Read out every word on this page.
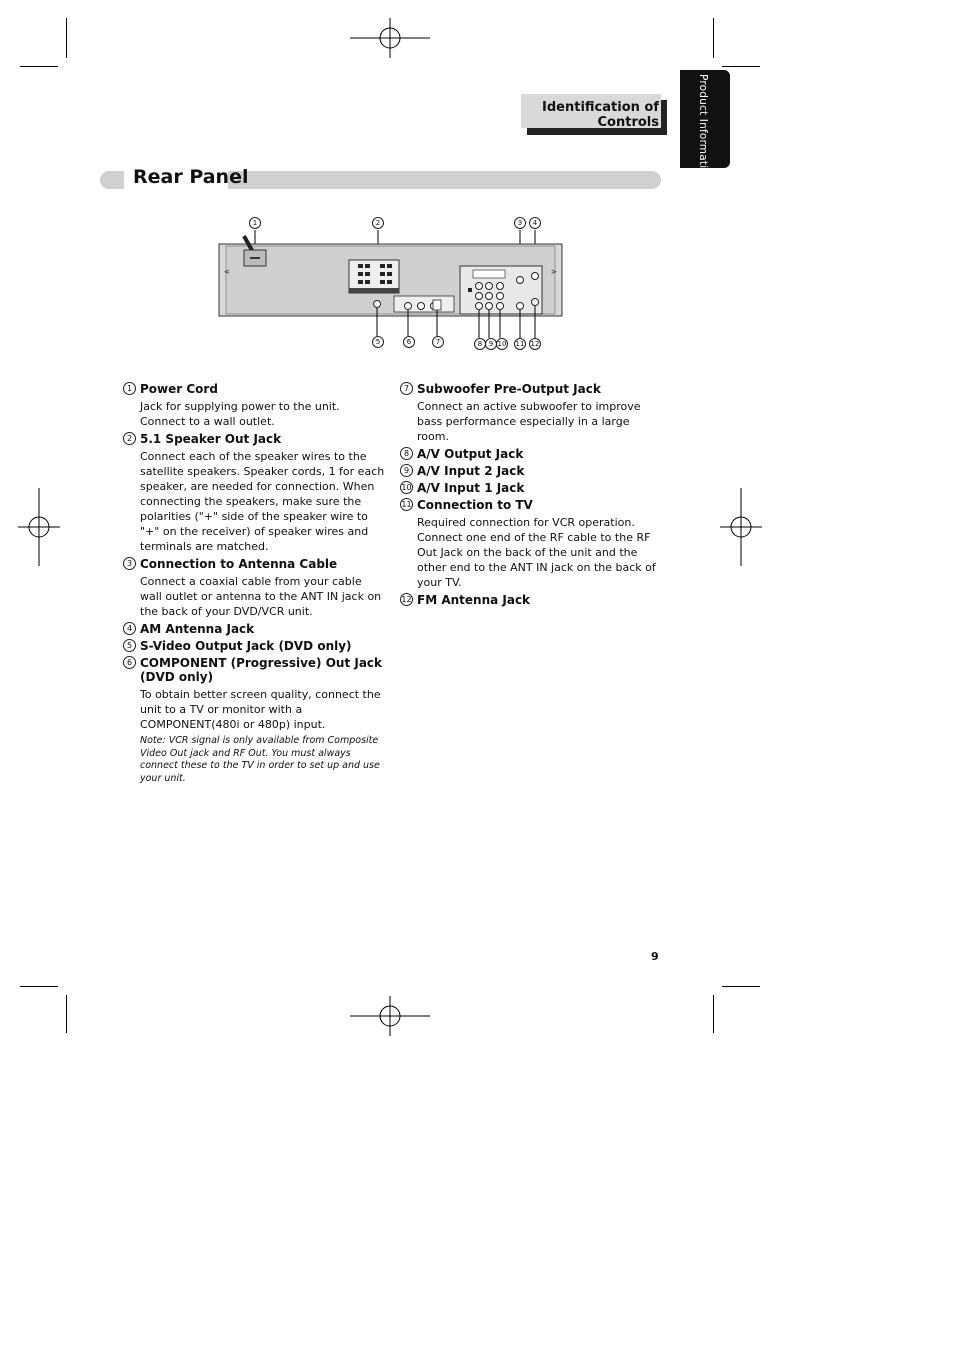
Identification of Controls	Product Information
Rear Panel
1	2	3	4
<	>
5	6	7	8 9 10 11 12
1 Power Cord
Jack for supplying power to the unit. Connect to a wall outlet.
2 5.1 Speaker Out Jack
Connect each of the speaker wires to the satellite speakers. Speaker cords, 1 for each speaker, are needed for connection. When connecting the speakers, make sure the polarities ("+" side of the speaker wire to "+" on the receiver) of speaker wires and terminals are matched.
3 Connection to Antenna Cable
Connect a coaxial cable from your cable wall outlet or antenna to the ANT IN jack on the back of your DVD/VCR unit.
4 AM Antenna Jack
5 S-Video Output Jack (DVD only)
6 COMPONENT (Progressive) Out Jack (DVD only)
To obtain better screen quality, connect the unit to a TV or monitor with a COMPONENT(480i or 480p) input.
Note: VCR signal is only available from Composite Video Out jack and RF Out. You must always connect these to the TV in order to set up and use your unit.
7 Subwoofer Pre-Output Jack
Connect an active subwoofer to improve bass performance especially in a large room.
8 A/V Output Jack
9 A/V Input 2 Jack
10 A/V Input 1 Jack
11 Connection to TV
Required connection for VCR operation. Connect one end of the RF cable to the RF Out Jack on the back of the unit and the other end to the ANT IN jack on the back of your TV.
12 FM Antenna Jack
9
